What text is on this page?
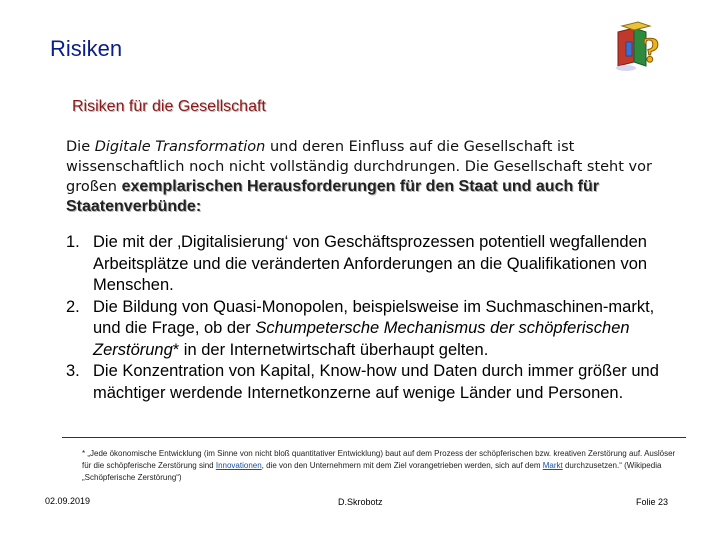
Risiken	?
Risiken für die Gesellschaft
Die Digitale Transformation und deren Einfluss auf die Gesellschaft ist wissenschaftlich noch nicht vollständig durchdrungen. Die Gesellschaft steht vor großen exemplarischen Herausforderungen für den Staat und auch für Staatenverbünde:
1. Die mit der ‚Digitalisierung‘ von Geschäftsprozessen potentiell wegfallenden Arbeitsplätze und die veränderten Anforderungen an die Qualifikationen von Menschen.
2. Die Bildung von Quasi-Monopolen, beispielsweise im Suchmaschinen-markt, und die Frage, ob der Schumpetersche Mechanismus der schöpferischen Zerstörung* in der Internetwirtschaft überhaupt gelten.
3. Die Konzentration von Kapital, Know-how und Daten durch immer größer und mächtiger werdende Internetkonzerne auf wenige Länder und Personen.
* „Jede ökonomische Entwicklung (im Sinne von nicht bloß quantitativer Entwicklung) baut auf dem Prozess der schöpferischen bzw. kreativen Zerstörung auf. Auslöser für die schöpferische Zerstörung sind Innovationen, die von den Unternehmern mit dem Ziel vorangetrieben werden, sich auf dem Markt durchzusetzen.“ (Wikipedia „Schöpferische Zerstörung“)
02.09.2019	D.Skrobotz	Folie 23
